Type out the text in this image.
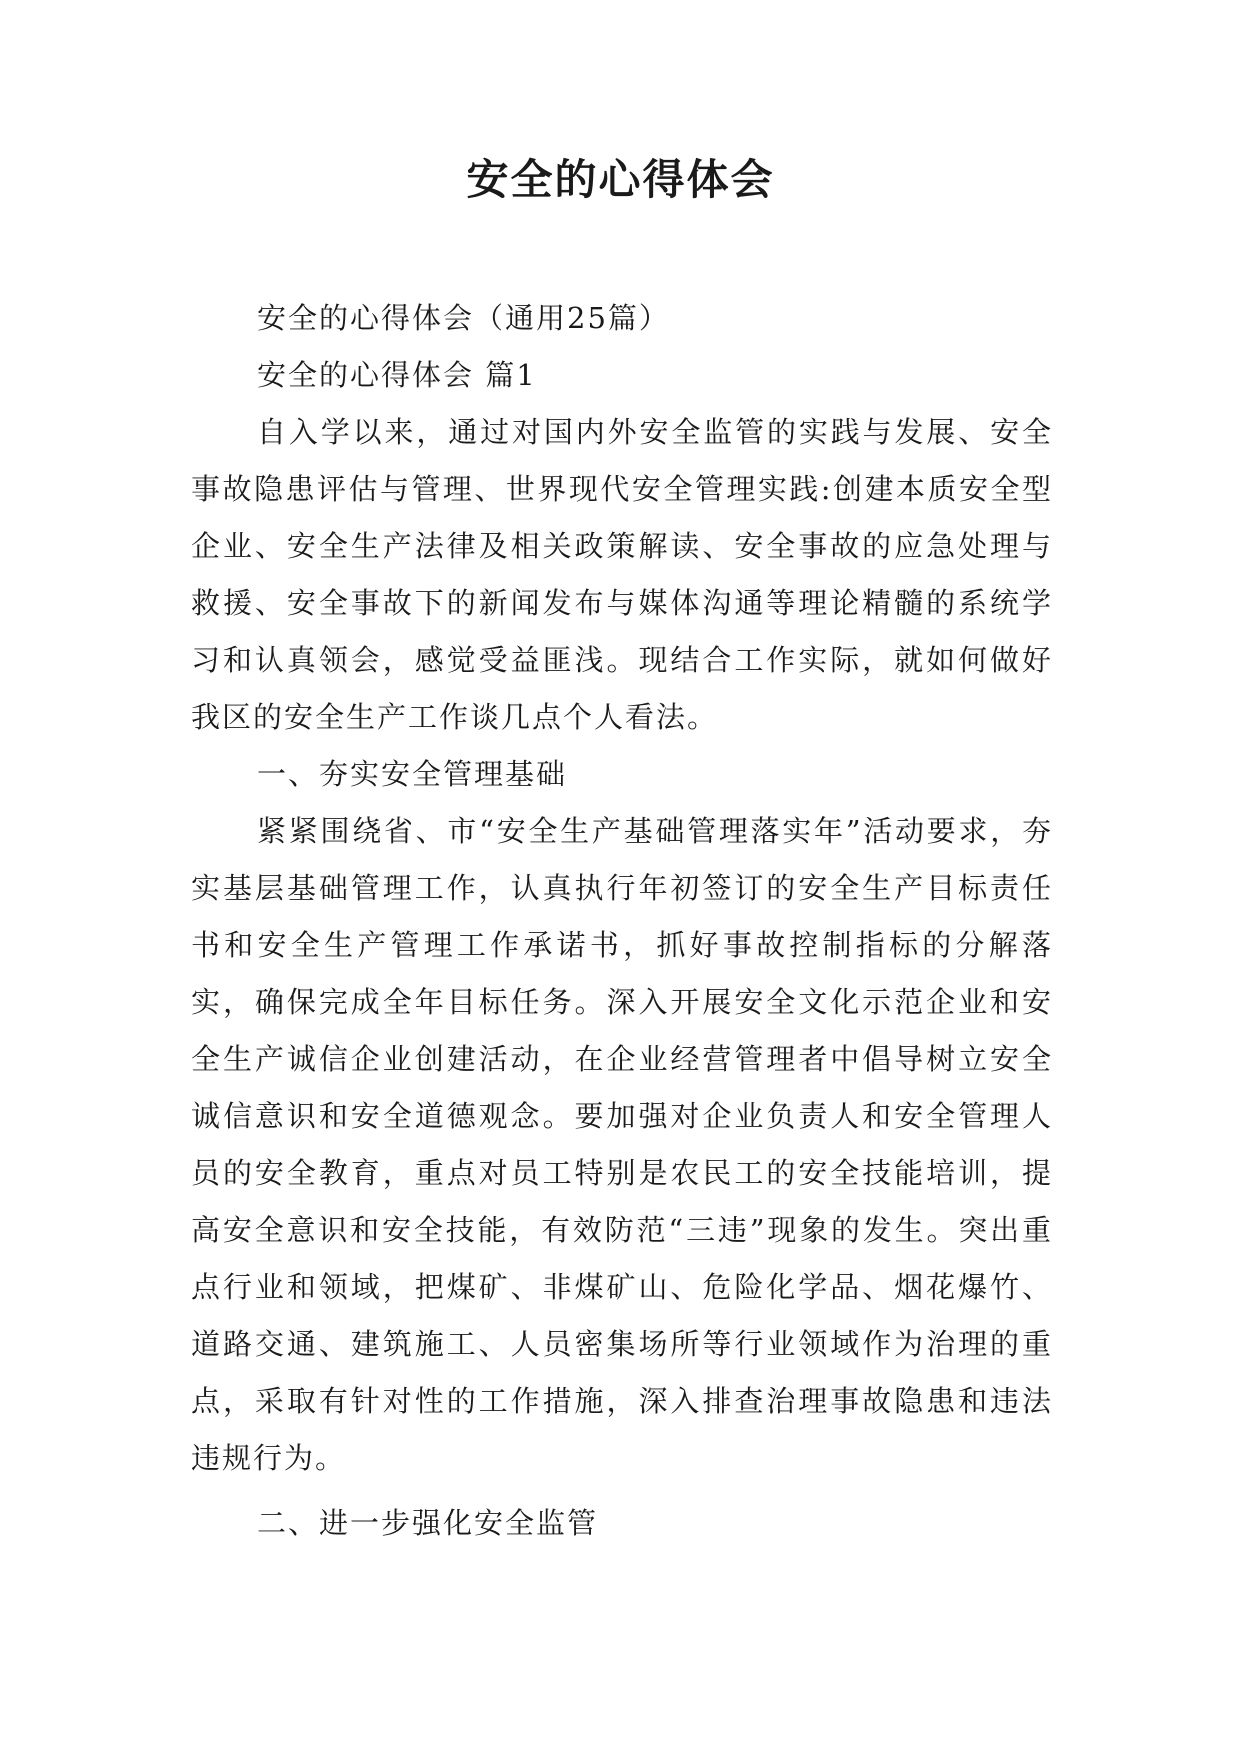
安全的心得体会

安全的心得体会（通用25篇）

安全的心得体会 篇1

自入学以来，通过对国内外安全监管的实践与发展、安全事故隐患评估与管理、世界现代安全管理实践:创建本质安全型企业、安全生产法律及相关政策解读、安全事故的应急处理与救援、安全事故下的新闻发布与媒体沟通等理论精髓的系统学习和认真领会，感觉受益匪浅。现结合工作实际，就如何做好我区的安全生产工作谈几点个人看法。

一、夯实安全管理基础

紧紧围绕省、市“安全生产基础管理落实年”活动要求，夯实基层基础管理工作，认真执行年初签订的安全生产目标责任书和安全生产管理工作承诺书，抓好事故控制指标的分解落实，确保完成全年目标任务。深入开展安全文化示范企业和安全生产诚信企业创建活动，在企业经营管理者中倡导树立安全诚信意识和安全道德观念。要加强对企业负责人和安全管理人员的安全教育，重点对员工特别是农民工的安全技能培训，提高安全意识和安全技能，有效防范“三违”现象的发生。突出重点行业和领域，把煤矿、非煤矿山、危险化学品、烟花爆竹、道路交通、建筑施工、人员密集场所等行业领域作为治理的重点，采取有针对性的工作措施，深入排查治理事故隐患和违法违规行为。

二、进一步强化安全监管
